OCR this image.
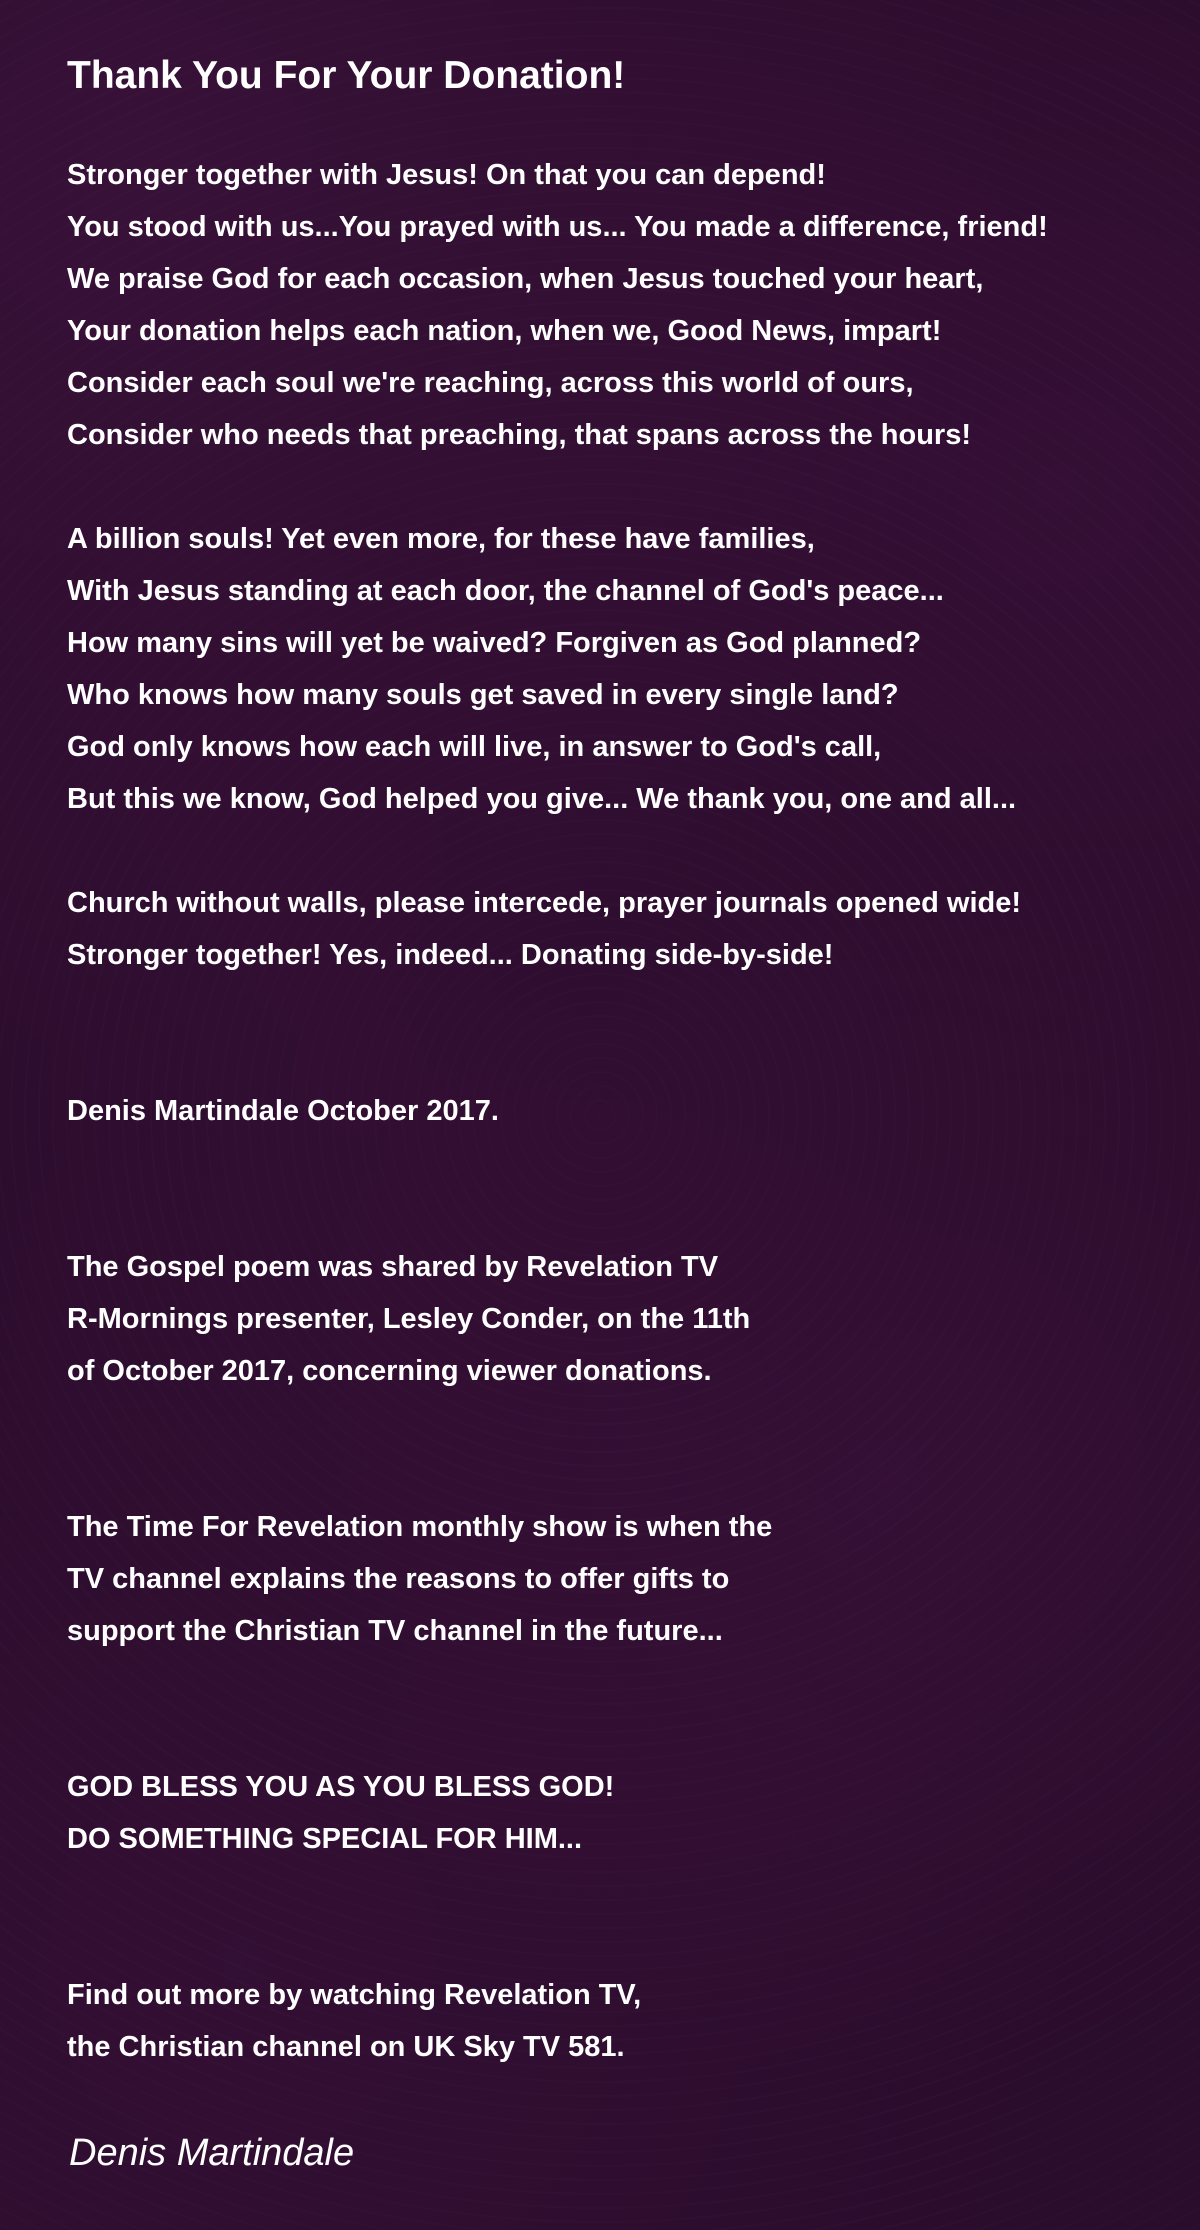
Thank You For Your Donation!

Stronger together with Jesus! On that you can depend!
You stood with us...You prayed with us... You made a difference, friend!
We praise God for each occasion, when Jesus touched your heart,
Your donation helps each nation, when we, Good News, impart!
Consider each soul we're reaching, across this world of ours,
Consider who needs that preaching, that spans across the hours!

A billion souls! Yet even more, for these have families,
With Jesus standing at each door, the channel of God's peace...
How many sins will yet be waived? Forgiven as God planned?
Who knows how many souls get saved in every single land?
God only knows how each will live, in answer to God's call,
But this we know, God helped you give... We thank you, one and all...

Church without walls, please intercede, prayer journals opened wide!
Stronger together! Yes, indeed... Donating side-by-side!

Denis Martindale October 2017.

The Gospel poem was shared by Revelation TV
R-Mornings presenter, Lesley Conder, on the 11th
of October 2017, concerning viewer donations.

The Time For Revelation monthly show is when the
TV channel explains the reasons to offer gifts to
support the Christian TV channel in the future...

GOD BLESS YOU AS YOU BLESS GOD!
DO SOMETHING SPECIAL FOR HIM...

Find out more by watching Revelation TV,
the Christian channel on UK Sky TV 581.

Denis Martindale
